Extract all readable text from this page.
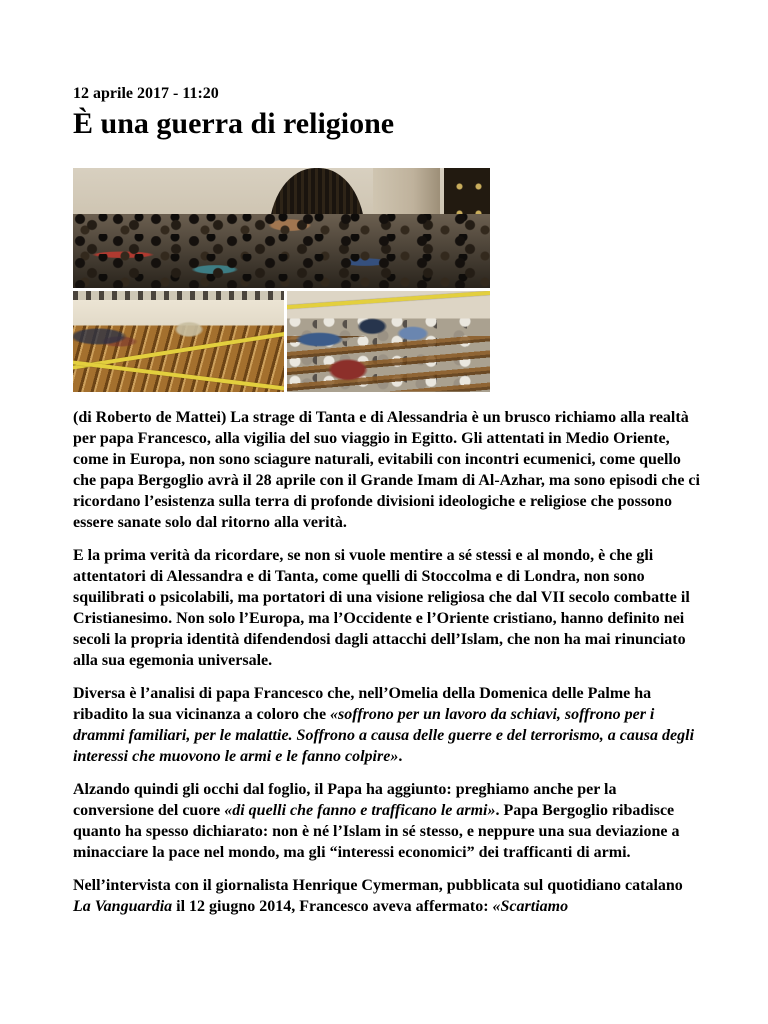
12 aprile 2017 - 11:20
È una guerra di religione

(di Roberto de Mattei) La strage di Tanta e di Alessandria è un brusco richiamo alla realtà per papa Francesco, alla vigilia del suo viaggio in Egitto. Gli attentati in Medio Oriente, come in Europa, non sono sciagure naturali, evitabili con incontri ecumenici, come quello che papa Bergoglio avrà il 28 aprile con il Grande Imam di Al-Azhar, ma sono episodi che ci ricordano l’esistenza sulla terra di profonde divisioni ideologiche e religiose che possono essere sanate solo dal ritorno alla verità.

E la prima verità da ricordare, se non si vuole mentire a sé stessi e al mondo, è che gli attentatori di Alessandra e di Tanta, come quelli di Stoccolma e di Londra, non sono squilibrati o psicolabili, ma portatori di una visione religiosa che dal VII secolo combatte il Cristianesimo. Non solo l’Europa, ma l’Occidente e l’Oriente cristiano, hanno definito nei secoli la propria identità difendendosi dagli attacchi dell’Islam, che non ha mai rinunciato alla sua egemonia universale.

Diversa è l’analisi di papa Francesco che, nell’Omelia della Domenica delle Palme ha ribadito la sua vicinanza a coloro che «soffrono per un lavoro da schiavi, soffrono per i drammi familiari, per le malattie. Soffrono a causa delle guerre e del terrorismo, a causa degli interessi che muovono le armi e le fanno colpire».

Alzando quindi gli occhi dal foglio, il Papa ha aggiunto: preghiamo anche per la conversione del cuore «di quelli che fanno e trafficano le armi». Papa Bergoglio ribadisce quanto ha spesso dichiarato: non è né l’Islam in sé stesso, e neppure una sua deviazione a minacciare la pace nel mondo, ma gli “interessi economici” dei trafficanti di armi.

Nell’intervista con il giornalista Henrique Cymerman, pubblicata sul quotidiano catalano La Vanguardia il 12 giugno 2014, Francesco aveva affermato: «Scartiamo
